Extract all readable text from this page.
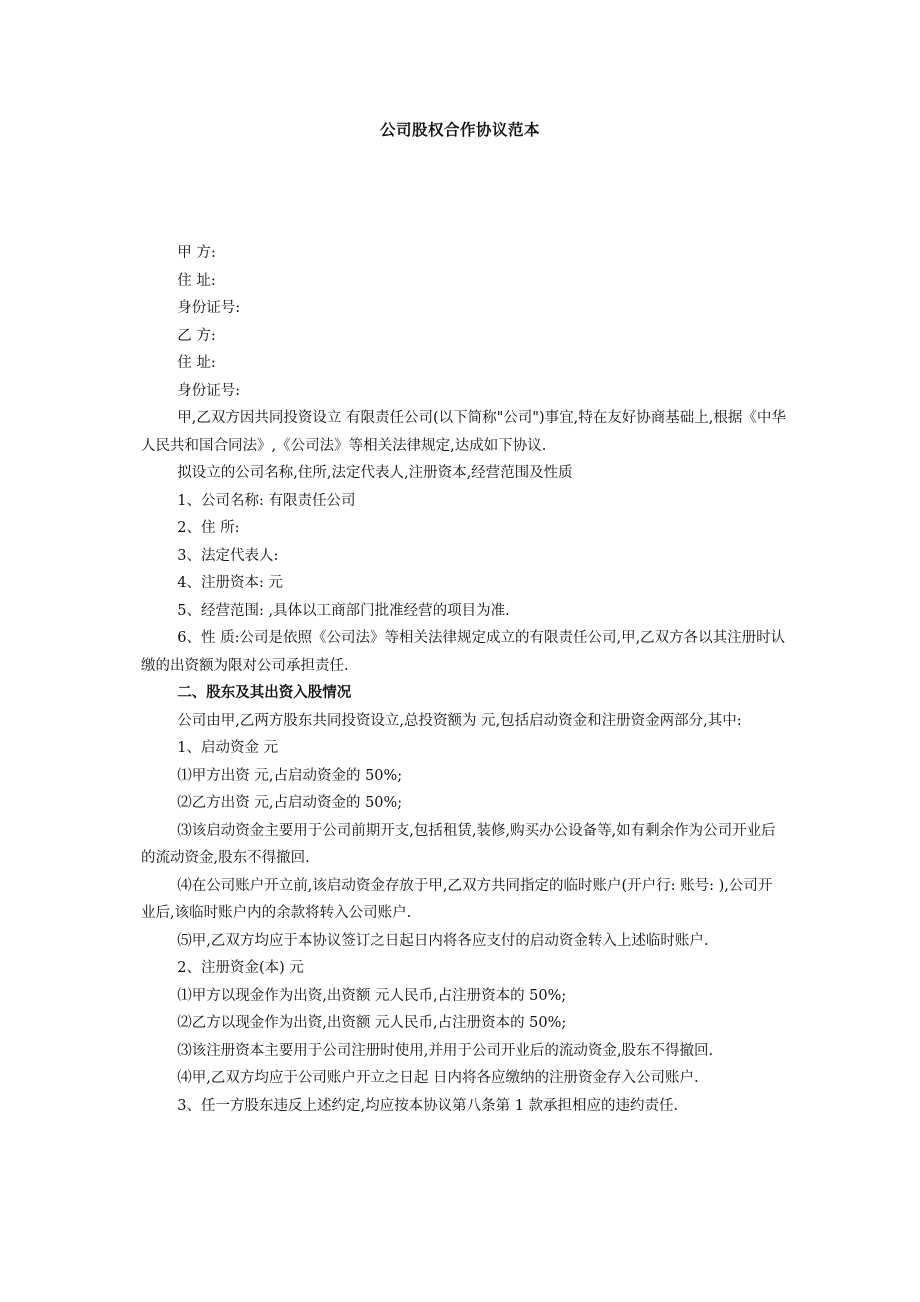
公司股权合作协议范本

甲 方:

住 址:

身份证号:

乙 方:

住 址:

身份证号:

甲,乙双方因共同投资设立 有限责任公司(以下简称"公司")事宜,特在友好协商基础上,根据《中华人民共和国合同法》,《公司法》等相关法律规定,达成如下协议.

拟设立的公司名称,住所,法定代表人,注册资本,经营范围及性质

1、公司名称: 有限责任公司

2、住 所:

3、法定代表人:

4、注册资本: 元

5、经营范围: ,具体以工商部门批准经营的项目为准.

6、性 质:公司是依照《公司法》等相关法律规定成立的有限责任公司,甲,乙双方各以其注册时认缴的出资额为限对公司承担责任.

二、股东及其出资入股情况

公司由甲,乙两方股东共同投资设立,总投资额为 元,包括启动资金和注册资金两部分,其中:

1、启动资金 元

⑴甲方出资 元,占启动资金的 50%;

⑵乙方出资 元,占启动资金的 50%;

⑶该启动资金主要用于公司前期开支,包括租赁,装修,购买办公设备等,如有剩余作为公司开业后的流动资金,股东不得撤回.

⑷在公司账户开立前,该启动资金存放于甲,乙双方共同指定的临时账户(开户行: 账号: ),公司开业后,该临时账户内的余款将转入公司账户.

⑸甲,乙双方均应于本协议签订之日起日内将各应支付的启动资金转入上述临时账户.

2、注册资金(本) 元

⑴甲方以现金作为出资,出资额 元人民币,占注册资本的 50%;

⑵乙方以现金作为出资,出资额 元人民币,占注册资本的 50%;

⑶该注册资本主要用于公司注册时使用,并用于公司开业后的流动资金,股东不得撤回.

⑷甲,乙双方均应于公司账户开立之日起 日内将各应缴纳的注册资金存入公司账户.

3、任一方股东违反上述约定,均应按本协议第八条第 1 款承担相应的违约责任.
